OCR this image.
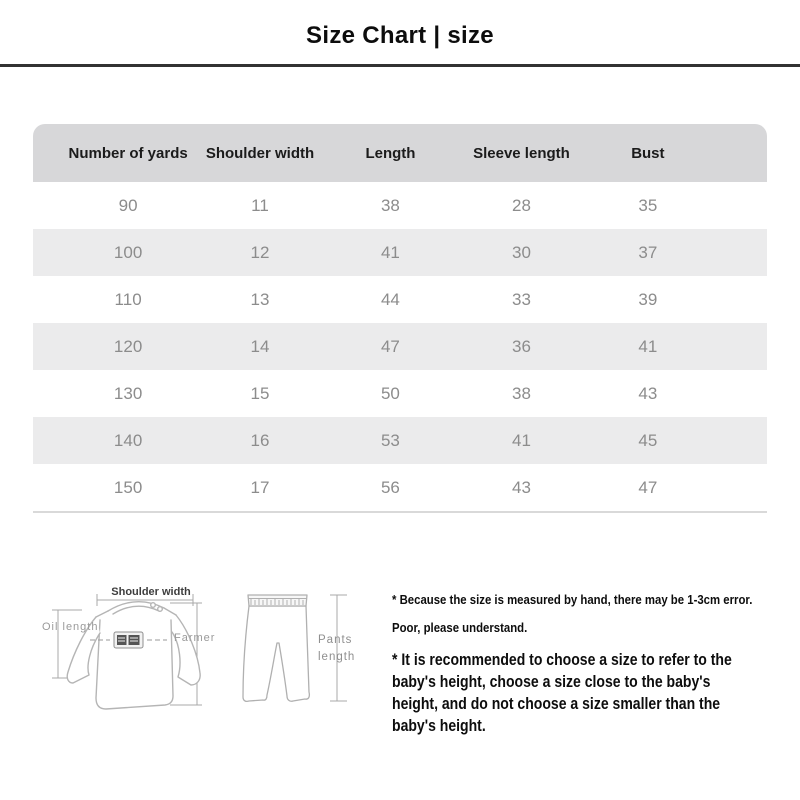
Size Chart | size
Number of yards	Shoulder width	Length	Sleeve length	Bust
90	11	38	28	35
100	12	41	30	37
110	13	44	33	39
120	14	47	36	41
130	15	50	38	43
140	16	53	41	45
150	17	56	43	47
Shoulder width
Oil length
Farmer	Pants
length
* Because the size is measured by hand, there may be 1-3cm error.
Poor, please understand.
* It is recommended to choose a size to refer to the
baby's height, choose a size close to the baby's
height, and do not choose a size smaller than the
baby's height.
